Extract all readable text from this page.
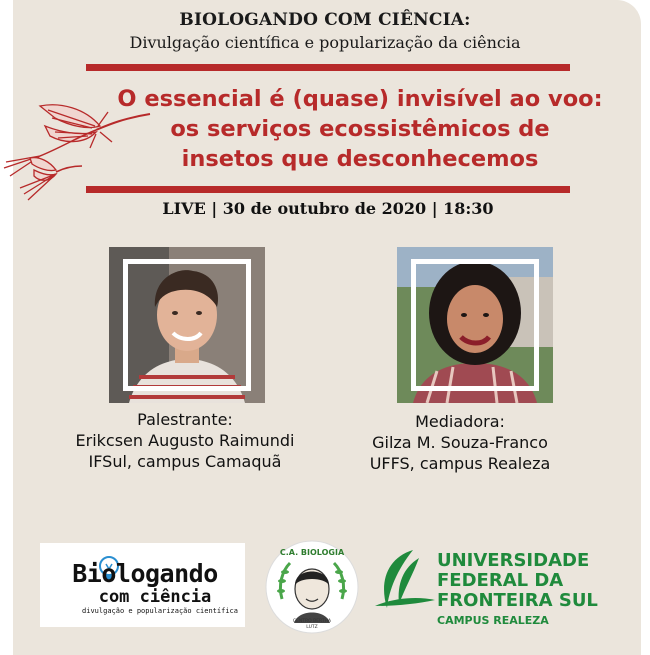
BIOLOGANDO COM CIÊNCIA:
Divulgação científica e popularização da ciência
O essencial é (quase) invisível ao voo:
os serviços ecossistêmicos de
insetos que desconhecemos
LIVE | 30 de outubro de 2020 | 18:30
Palestrante:
Erikcsen Augusto Raimundi
IFSul, campus Camaquã
Mediadora:
Gilza M. Souza-Franco
UFFS, campus Realeza
Biologando
com ciência
divulgação e popularização científica
C.A. BIOLOGIA
CENTRO BERTHA LUTZ
UNIVERSIDADE
FEDERAL DA
FRONTEIRA SUL
CAMPUS REALEZA
